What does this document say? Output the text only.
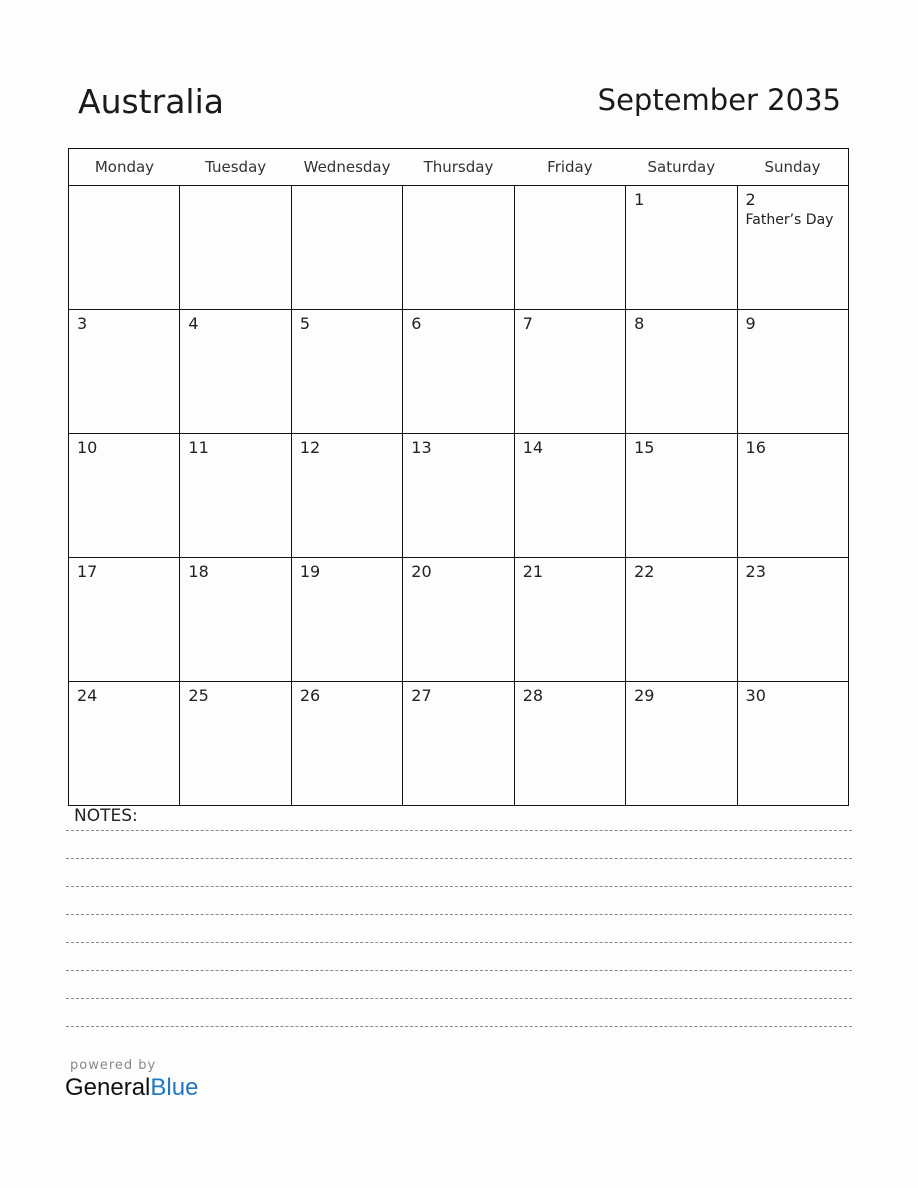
Australia	September 2035
Monday	Tuesday	Wednesday	Thursday	Friday	Saturday	Sunday

					1	2
Father’s Day

3	4	5	6	7	8	9

10	11	12	13	14	15	16

17	18	19	20	21	22	23

24	25	26	27	28	29	30
NOTES:
powered by
GeneralBlue
